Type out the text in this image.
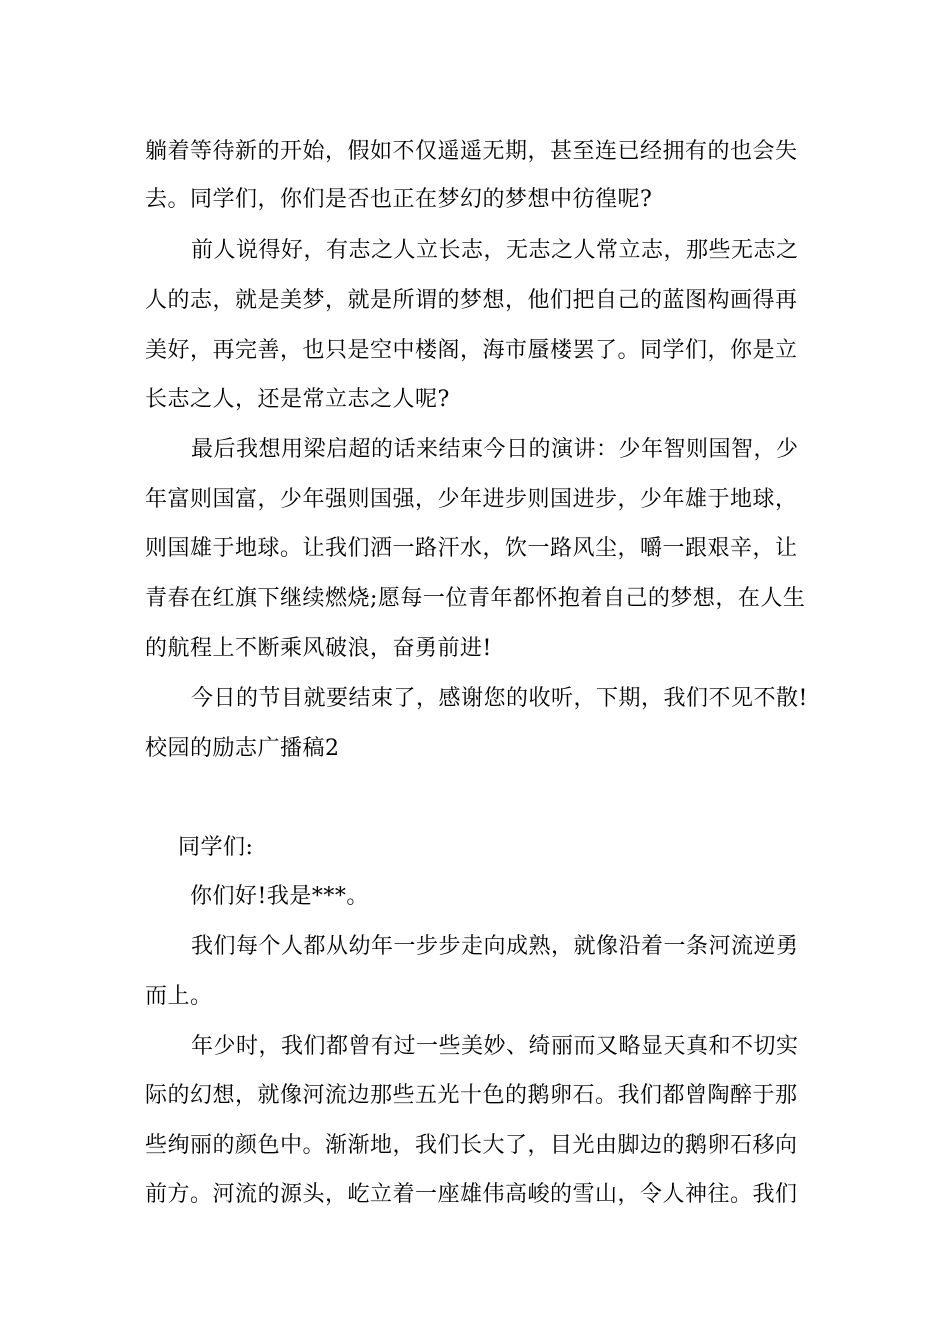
躺着等待新的开始，假如不仅遥遥无期，甚至连已经拥有的也会失
去。同学们，你们是否也正在梦幻的梦想中彷徨呢?
前人说得好，有志之人立长志，无志之人常立志，那些无志之
人的志，就是美梦，就是所谓的梦想，他们把自己的蓝图构画得再
美好，再完善，也只是空中楼阁，海市蜃楼罢了。同学们，你是立
长志之人，还是常立志之人呢?
最后我想用梁启超的话来结束今日的演讲：少年智则国智，少
年富则国富，少年强则国强，少年进步则国进步，少年雄于地球，
则国雄于地球。让我们洒一路汗水，饮一路风尘，嚼一跟艰辛，让
青春在红旗下继续燃烧;愿每一位青年都怀抱着自己的梦想，在人生
的航程上不断乘风破浪，奋勇前进!
今日的节目就要结束了，感谢您的收听，下期，我们不见不散!
校园的励志广播稿2
同学们:
你们好!我是***。
我们每个人都从幼年一步步走向成熟，就像沿着一条河流逆勇
而上。
年少时，我们都曾有过一些美妙、绮丽而又略显天真和不切实
际的幻想，就像河流边那些五光十色的鹅卵石。我们都曾陶醉于那
些绚丽的颜色中。渐渐地，我们长大了，目光由脚边的鹅卵石移向
前方。河流的源头，屹立着一座雄伟高峻的雪山，令人神往。我们
